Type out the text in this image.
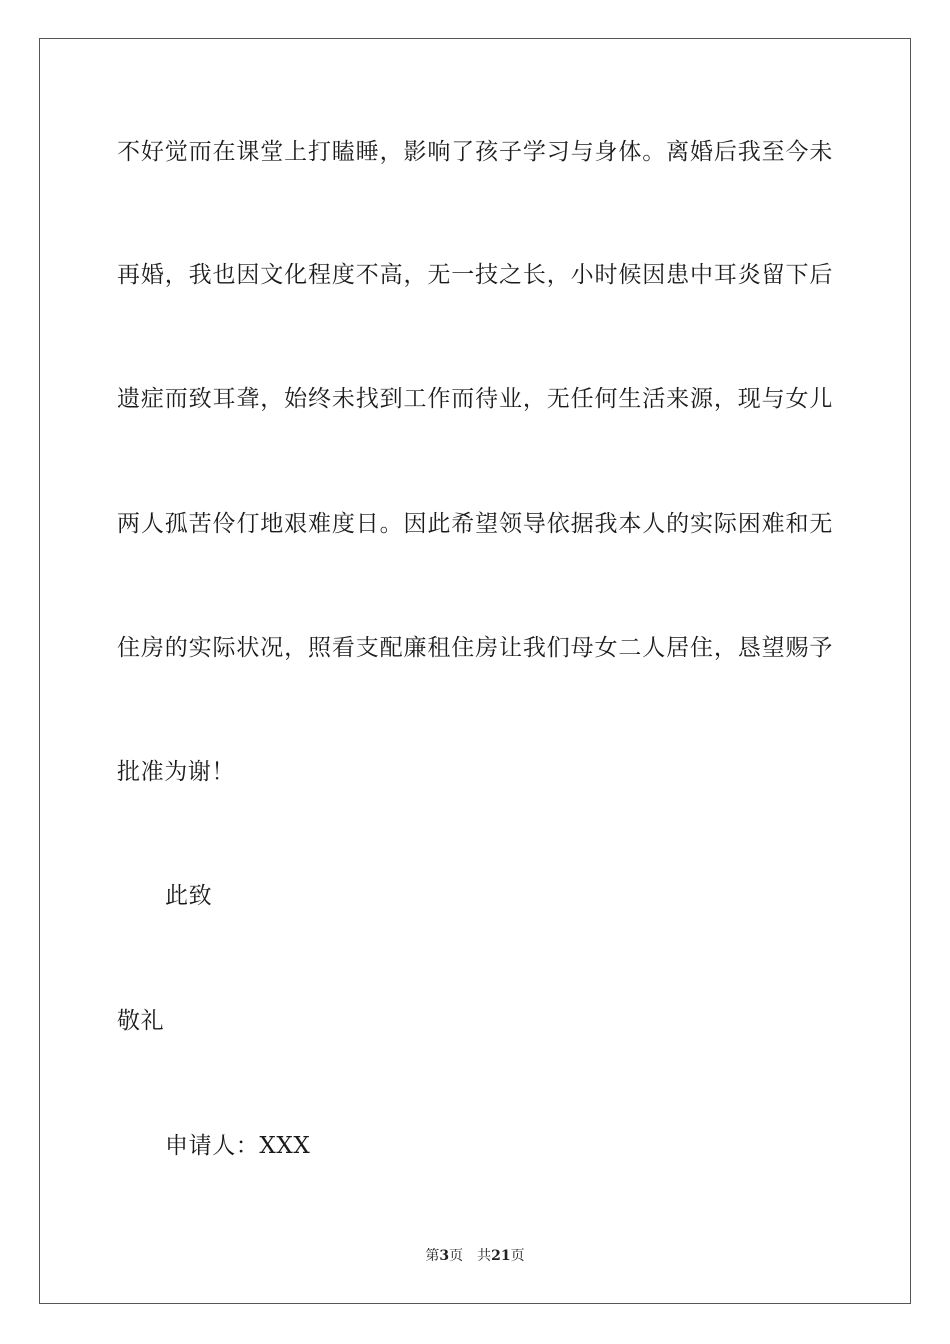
不好觉而在课堂上打瞌睡，影响了孩子学习与身体。离婚后我至今未
再婚，我也因文化程度不高，无一技之长，小时候因患中耳炎留下后
遗症而致耳聋，始终未找到工作而待业，无任何生活来源，现与女儿
两人孤苦伶仃地艰难度日。因此希望领导依据我本人的实际困难和无
住房的实际状况，照看支配廉租住房让我们母女二人居住，恳望赐予
批准为谢！
此致
敬礼
申请人：XXX
第3页 共21页
